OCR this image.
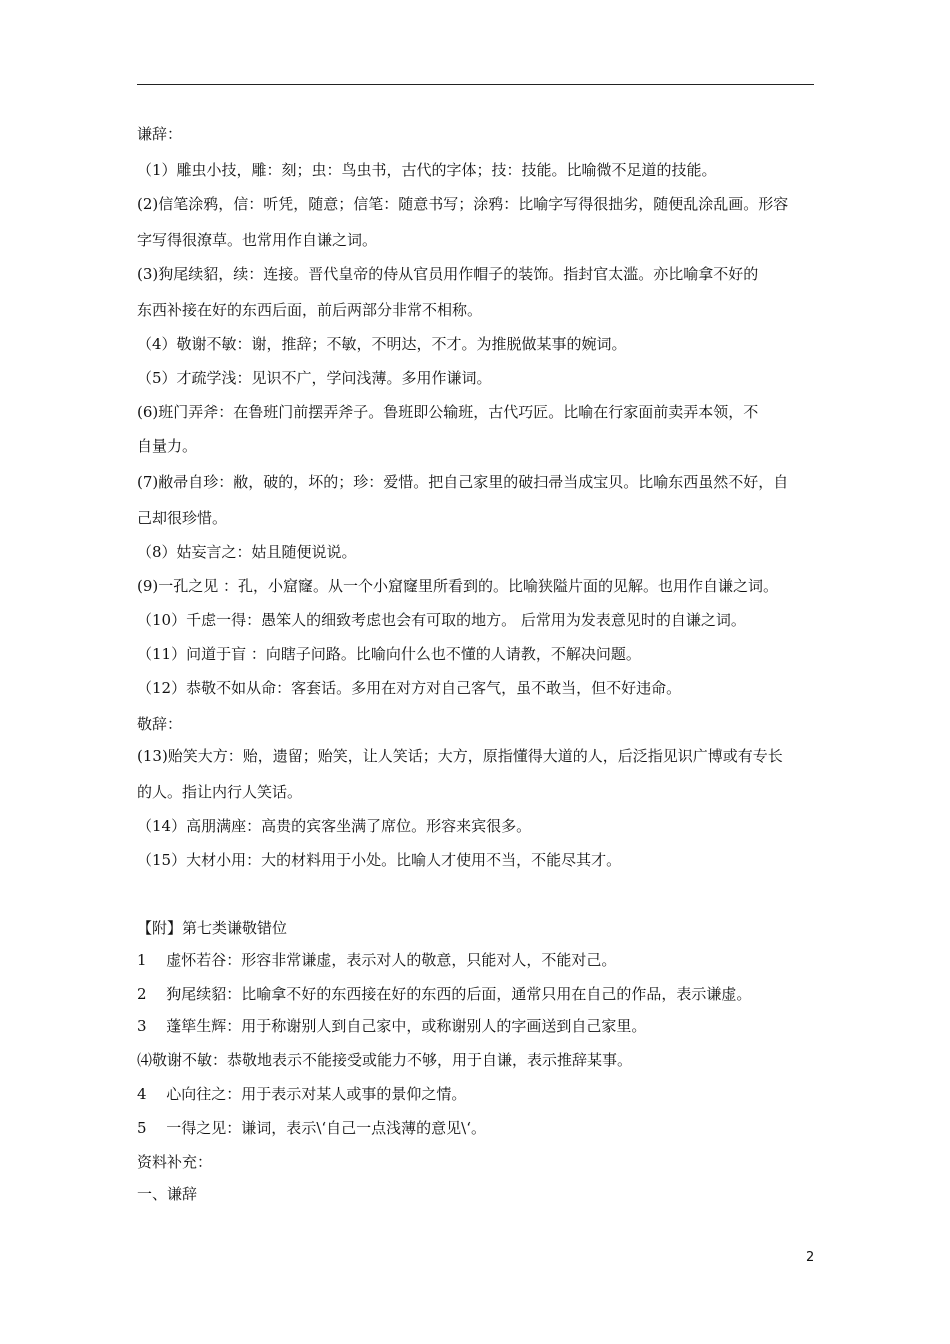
谦辞：
（1）雕虫小技，雕：刻；虫：鸟虫书，古代的字体；技：技能。比喻微不足道的技能。
(2)信笔涂鸦，信：听凭，随意；信笔：随意书写；涂鸦：比喻字写得很拙劣，随便乱涂乱画。形容
字写得很潦草。也常用作自谦之词。
(3)狗尾续貂，续：连接。晋代皇帝的侍从官员用作帽子的装饰。指封官太滥。亦比喻拿不好的
东西补接在好的东西后面，前后两部分非常不相称。
（4）敬谢不敏：谢，推辞；不敏，不明达，不才。为推脱做某事的婉词。
（5）才疏学浅：见识不广，学问浅薄。多用作谦词。
(6)班门弄斧：在鲁班门前摆弄斧子。鲁班即公输班，古代巧匠。比喻在行家面前卖弄本领，不
自量力。
(7)敝帚自珍：敝，破的，坏的；珍：爱惜。把自己家里的破扫帚当成宝贝。比喻东西虽然不好，自
己却很珍惜。
（8）姑妄言之：姑且随便说说。
(9)一孔之见 ：孔，小窟窿。从一个小窟窿里所看到的。比喻狭隘片面的见解。也用作自谦之词。
（10）千虑一得：愚笨人的细致考虑也会有可取的地方。 后常用为发表意见时的自谦之词。
（11）问道于盲 ：向瞎子问路。比喻向什么也不懂的人请教，不解决问题。
（12）恭敬不如从命：客套话。多用在对方对自己客气，虽不敢当，但不好违命。
敬辞：
(13)贻笑大方：贻，遗留；贻笑，让人笑话；大方，原指懂得大道的人，后泛指见识广博或有专长
的人。指让内行人笑话。
（14）高朋满座：高贵的宾客坐满了席位。形容来宾很多。
（15）大材小用：大的材料用于小处。比喻人才使用不当，不能尽其才。
【附】第七类谦敬错位
1　 虚怀若谷：形容非常谦虚，表示对人的敬意，只能对人，不能对己。
2　 狗尾续貂：比喻拿不好的东西接在好的东西的后面，通常只用在自己的作品，表示谦虚。
3　 蓬筚生辉：用于称谢别人到自己家中，或称谢别人的字画送到自己家里。
⑷敬谢不敏：恭敬地表示不能接受或能力不够，用于自谦，表示推辞某事。
4　 心向往之：用于表示对某人或事的景仰之情。
5　 一得之见：谦词，表示\‘自己一点浅薄的意见\‘。
资料补充：
一、谦辞
2
